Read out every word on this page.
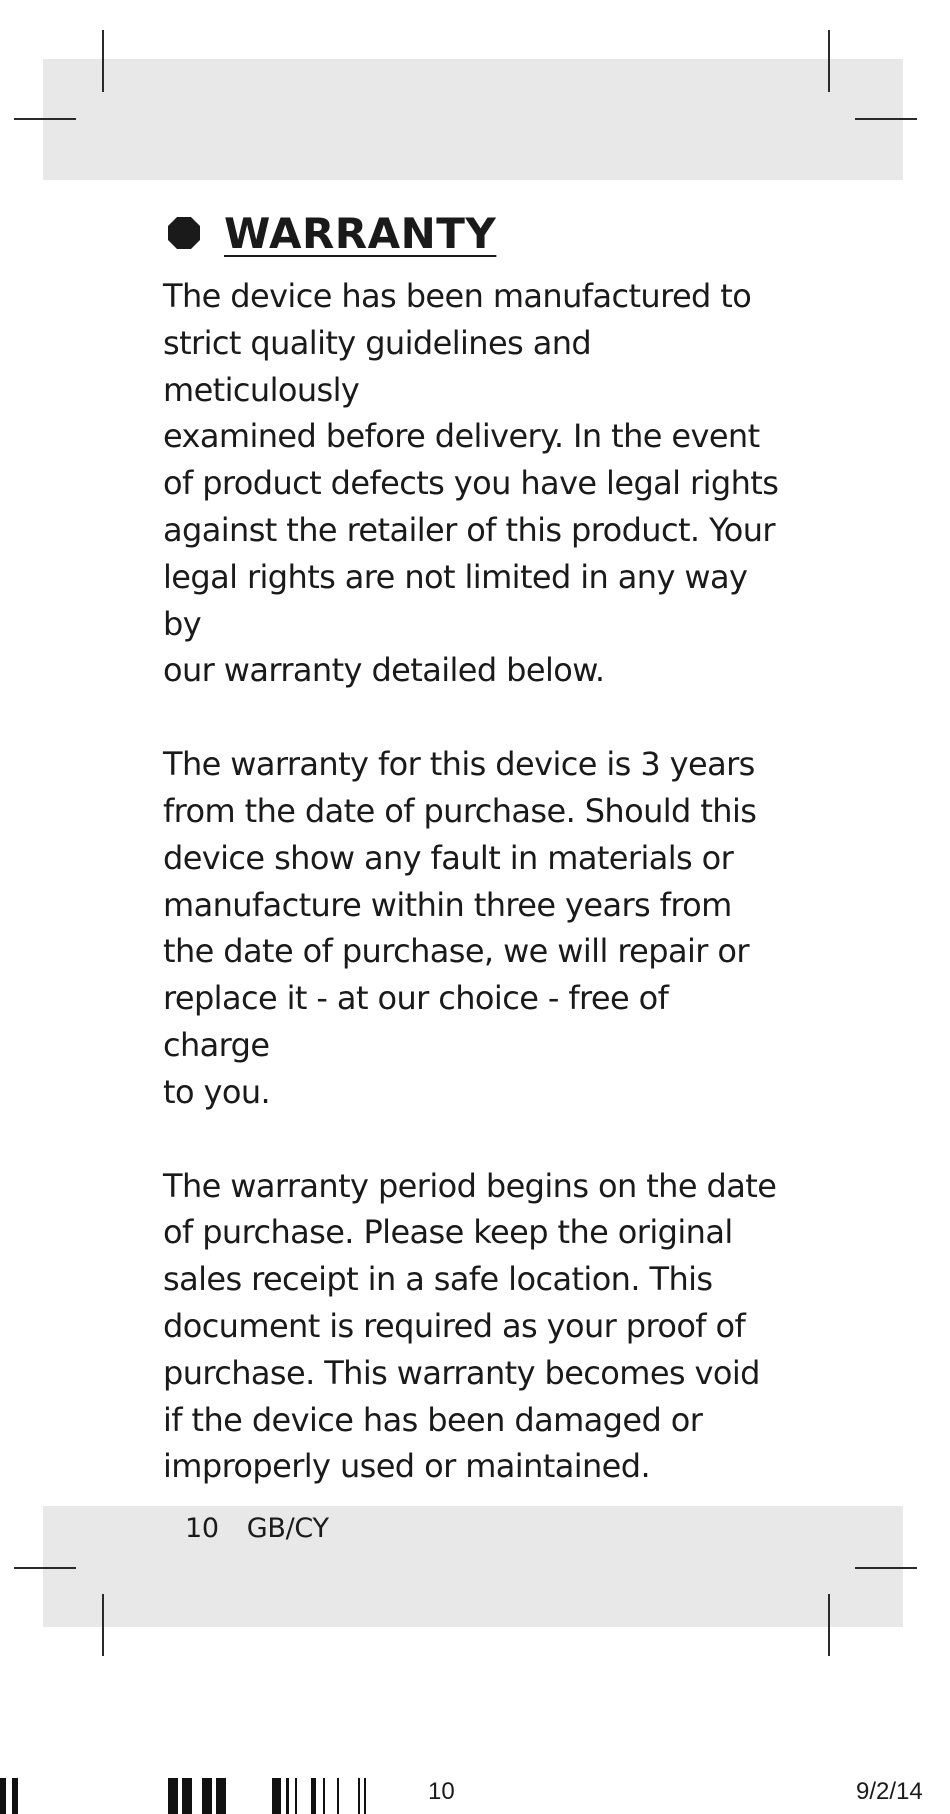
WARRANTY

The device has been manufactured to
strict quality guidelines and meticulously
examined before delivery. In the event
of product defects you have legal rights
against the retailer of this product. Your
legal rights are not limited in any way by
our warranty detailed below.

The warranty for this device is 3 years
from the date of purchase. Should this
device show any fault in materials or
manufacture within three years from
the date of purchase, we will repair or
replace it - at our choice - free of charge
to you.

The warranty period begins on the date
of purchase. Please keep the original
sales receipt in a safe location. This
document is required as your proof of
purchase. This warranty becomes void
if the device has been damaged or
improperly used or maintained.

10 GB/CY
10	9/2/14
